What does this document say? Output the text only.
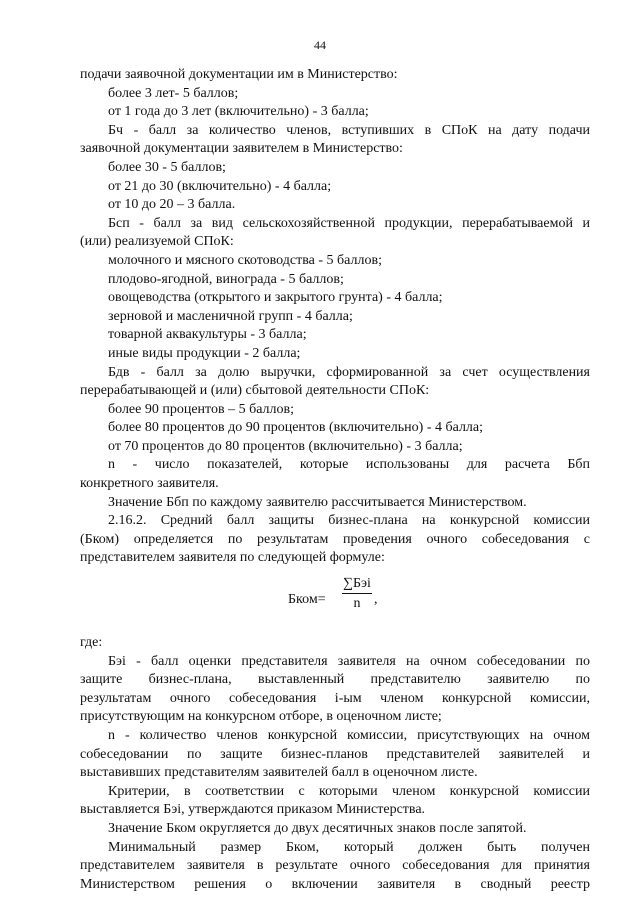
44

подачи заявочной документации им в Министерство:

более 3 лет- 5 баллов;

от 1 года до 3 лет (включительно) - 3 балла;

Бч - балл за количество членов, вступивших в СПоК на дату подачи

заявочной документации заявителем в Министерство:

более 30 - 5 баллов;

от 21 до 30 (включительно) - 4 балла;

от 10 до 20 – 3 балла.

Бсп - балл за вид сельскохозяйственной продукции, перерабатываемой и

(или) реализуемой СПоК:

молочного и мясного скотоводства - 5 баллов;

плодово-ягодной, винограда - 5 баллов;

овощеводства (открытого и закрытого грунта) - 4 балла;

зерновой и масленичной групп - 4 балла;

товарной аквакультуры - 3 балла;

иные виды продукции - 2 балла;

Бдв - балл за долю выручки, сформированной за счет осуществления

перерабатывающей и (или) сбытовой деятельности СПоК:

более 90 процентов – 5 баллов;

более 80 процентов до 90 процентов (включительно) - 4 балла;

от 70 процентов до 80 процентов (включительно) - 3 балла;

n - число показателей, которые использованы для расчета Ббп

конкретного заявителя.

Значение Ббп по каждому заявителю рассчитывается Министерством.

2.16.2. Средний балл защиты бизнес-плана на конкурсной комиссии

(Бком) определяется по результатам проведения очного собеседования с

представителем заявителя по следующей формуле:

Бком=
∑Бэi
n ,

где:

Бэi - балл оценки представителя заявителя на очном собеседовании по

защите бизнес-плана, выставленный представителю заявителю по

результатам очного собеседования i-ым членом конкурсной комиссии,

присутствующим на конкурсном отборе, в оценочном листе;

n - количество членов конкурсной комиссии, присутствующих на очном

собеседовании по защите бизнес-планов представителей заявителей и

выставивших представителям заявителей балл в оценочном листе.

Критерии, в соответствии с которыми членом конкурсной комиссии

выставляется Бэi, утверждаются приказом Министерства.

Значение Бком округляется до двух десятичных знаков после запятой.

Минимальный размер Бком, который должен быть получен

представителем заявителя в результате очного собеседования для принятия

Министерством решения о включении заявителя в сводный реестр
